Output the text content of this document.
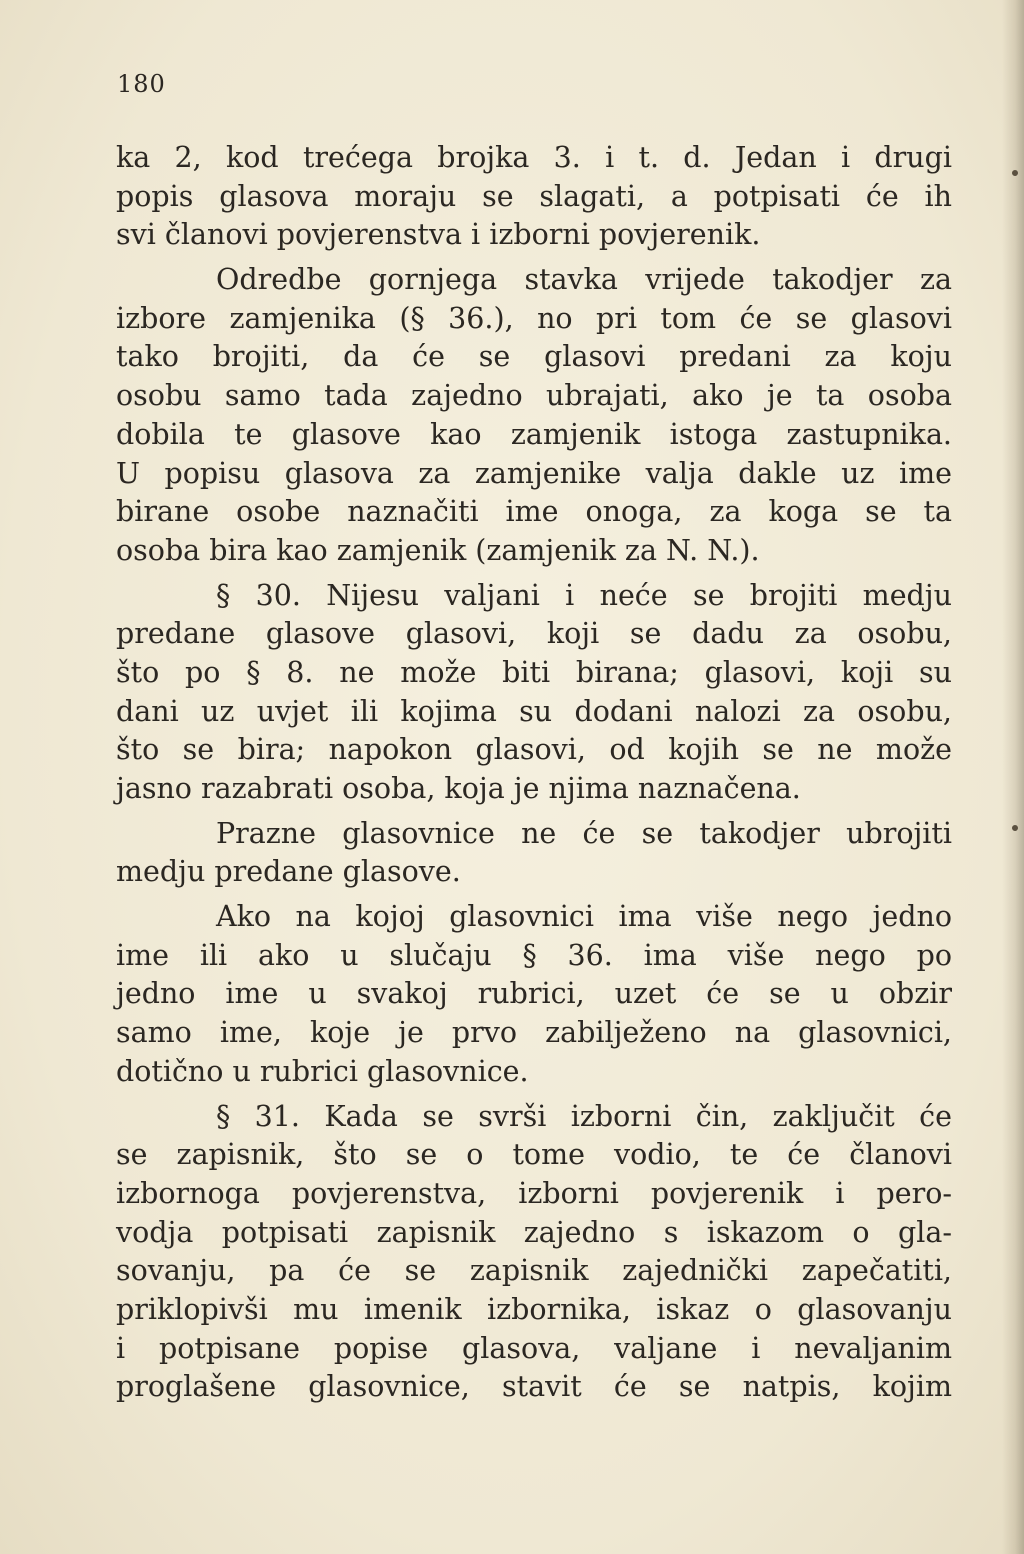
180
ka 2, kod trećega brojka 3. i t. d. Jedan i drugi
popis glasova moraju se slagati, a potpisati će ih
svi članovi povjerenstva i izborni povjerenik.
Odredbe gornjega stavka vrijede takodjer za
izbore zamjenika (§ 36.), no pri tom će se glasovi
tako brojiti, da će se glasovi predani za koju
osobu samo tada zajedno ubrajati, ako je ta osoba
dobila te glasove kao zamjenik istoga zastupnika.
U popisu glasova za zamjenike valja dakle uz ime
birane osobe naznačiti ime onoga, za koga se ta
osoba bira kao zamjenik (zamjenik za N. N.).
§ 30. Nijesu valjani i neće se brojiti medju
predane glasove glasovi, koji se dadu za osobu,
što po § 8. ne može biti birana; glasovi, koji su
dani uz uvjet ili kojima su dodani nalozi za osobu,
što se bira; napokon glasovi, od kojih se ne može
jasno razabrati osoba, koja je njima naznačena.
Prazne glasovnice ne će se takodjer ubrojiti
medju predane glasove.
Ako na kojoj glasovnici ima više nego jedno
ime ili ako u slučaju § 36. ima više nego po
jedno ime u svakoj rubrici, uzet će se u obzir
samo ime, koje je prvo zabilježeno na glasovnici,
dotično u rubrici glasovnice.
§ 31. Kada se svrši izborni čin, zaključit će
se zapisnik, što se o tome vodio, te će članovi
izbornoga povjerenstva, izborni povjerenik i pero-
vodja potpisati zapisnik zajedno s iskazom o gla-
sovanju, pa će se zapisnik zajednički zapečatiti,
priklopivši mu imenik izbornika, iskaz o glasovanju
i potpisane popise glasova, valjane i nevaljanim
proglašene glasovnice, stavit će se natpis, kojim
